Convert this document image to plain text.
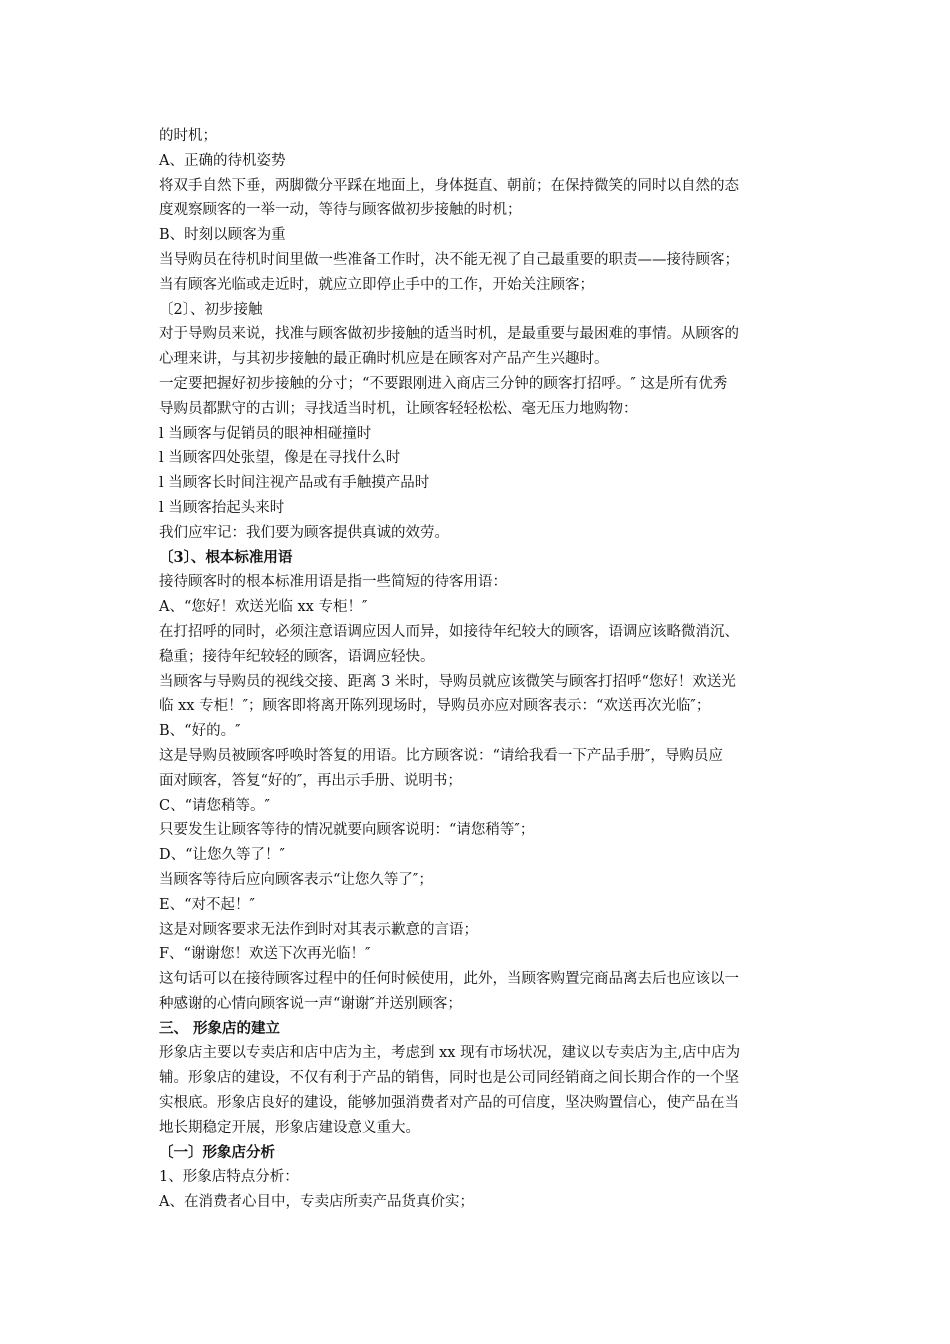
的时机；
A、正确的待机姿势
将双手自然下垂，两脚微分平踩在地面上，身体挺直、朝前；在保持微笑的同时以自然的态
度观察顾客的一举一动，等待与顾客做初步接触的时机；
B、时刻以顾客为重
当导购员在待机时间里做一些准备工作时，决不能无视了自己最重要的职责——接待顾客；
当有顾客光临或走近时，就应立即停止手中的工作，开始关注顾客；
〔2〕、初步接触
对于导购员来说，找准与顾客做初步接触的适当时机，是最重要与最困难的事情。从顾客的
心理来讲，与其初步接触的最正确时机应是在顾客对产品产生兴趣时。
一定要把握好初步接触的分寸；“不要跟刚进入商店三分钟的顾客打招呼。″ 这是所有优秀
导购员都默守的古训；寻找适当时机，让顾客轻轻松松、毫无压力地购物：
l 当顾客与促销员的眼神相碰撞时
l 当顾客四处张望，像是在寻找什么时
l 当顾客长时间注视产品或有手触摸产品时
l 当顾客抬起头来时
我们应牢记：我们要为顾客提供真诚的效劳。
〔3〕、根本标准用语
接待顾客时的根本标准用语是指一些简短的待客用语：
A、“您好！欢送光临 xx 专柜！″
在打招呼的同时，必须注意语调应因人而异，如接待年纪较大的顾客，语调应该略微消沉、
稳重；接待年纪较轻的顾客，语调应轻快。
当顾客与导购员的视线交接、距离 3 米时，导购员就应该微笑与顾客打招呼“您好！欢送光
临 xx 专柜！″；顾客即将离开陈列现场时，导购员亦应对顾客表示：“欢送再次光临″；
B、“好的。″
这是导购员被顾客呼唤时答复的用语。比方顾客说：“请给我看一下产品手册″，导购员应
面对顾客，答复“好的″，再出示手册、说明书；
C、“请您稍等。″
只要发生让顾客等待的情况就要向顾客说明：“请您稍等″；
D、“让您久等了！″
当顾客等待后应向顾客表示“让您久等了″；
E、“对不起！″
这是对顾客要求无法作到时对其表示歉意的言语；
F、“谢谢您！欢送下次再光临！″
这句话可以在接待顾客过程中的任何时候使用，此外，当顾客购置完商品离去后也应该以一
种感谢的心情向顾客说一声“谢谢″并送别顾客；
三、 形象店的建立
形象店主要以专卖店和店中店为主，考虑到 xx 现有市场状况，建议以专卖店为主,店中店为
辅。形象店的建设，不仅有利于产品的销售，同时也是公司同经销商之间长期合作的一个坚
实根底。形象店良好的建设，能够加强消费者对产品的可信度，坚决购置信心，使产品在当
地长期稳定开展，形象店建设意义重大。
〔一〕形象店分析
1、形象店特点分析：
A、在消费者心目中，专卖店所卖产品货真价实；
